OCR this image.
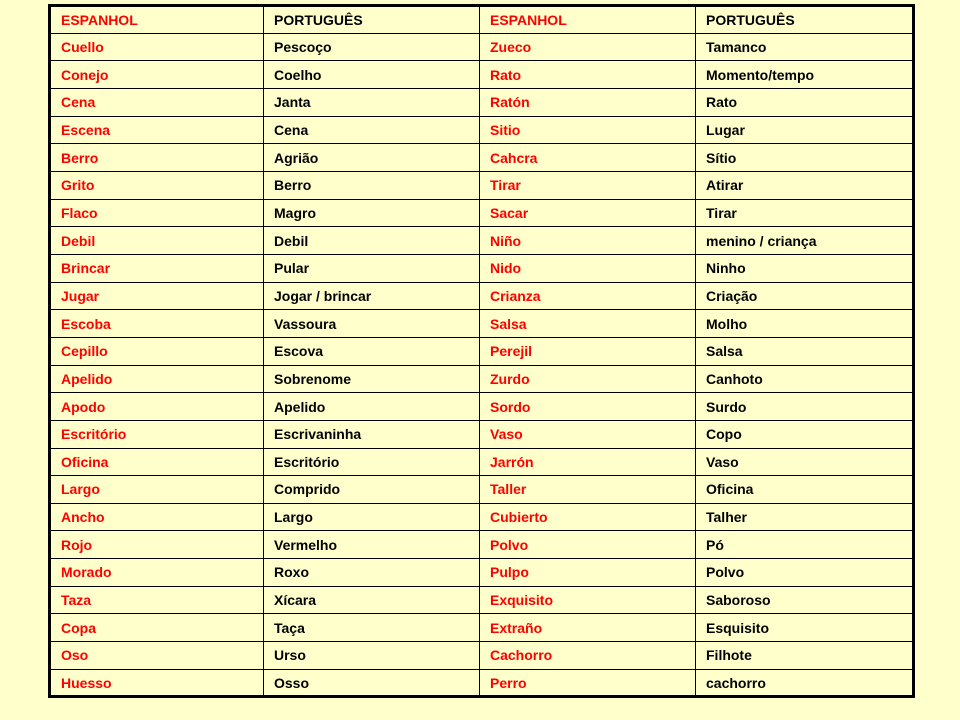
ESPANHOL	PORTUGUÊS	ESPANHOL	PORTUGUÊS
Cuello	Pescoço	Zueco	Tamanco
Conejo	Coelho	Rato	Momento/tempo
Cena	Janta	Ratón	Rato
Escena	Cena	Sitio	Lugar
Berro	Agrião	Cahcra	Sítio
Grito	Berro	Tirar	Atirar
Flaco	Magro	Sacar	Tirar
Debil	Debil	Niño	menino / criança
Brincar	Pular	Nido	Ninho
Jugar	Jogar / brincar	Crianza	Criação
Escoba	Vassoura	Salsa	Molho
Cepillo	Escova	Perejil	Salsa
Apelido	Sobrenome	Zurdo	Canhoto
Apodo	Apelido	Sordo	Surdo
Escritório	Escrivaninha	Vaso	Copo
Oficina	Escritório	Jarrón	Vaso
Largo	Comprido	Taller	Oficina
Ancho	Largo	Cubierto	Talher
Rojo	Vermelho	Polvo	Pó
Morado	Roxo	Pulpo	Polvo
Taza	Xícara	Exquisito	Saboroso
Copa	Taça	Extraño	Esquisito
Oso	Urso	Cachorro	Filhote
Huesso	Osso	Perro	cachorro
